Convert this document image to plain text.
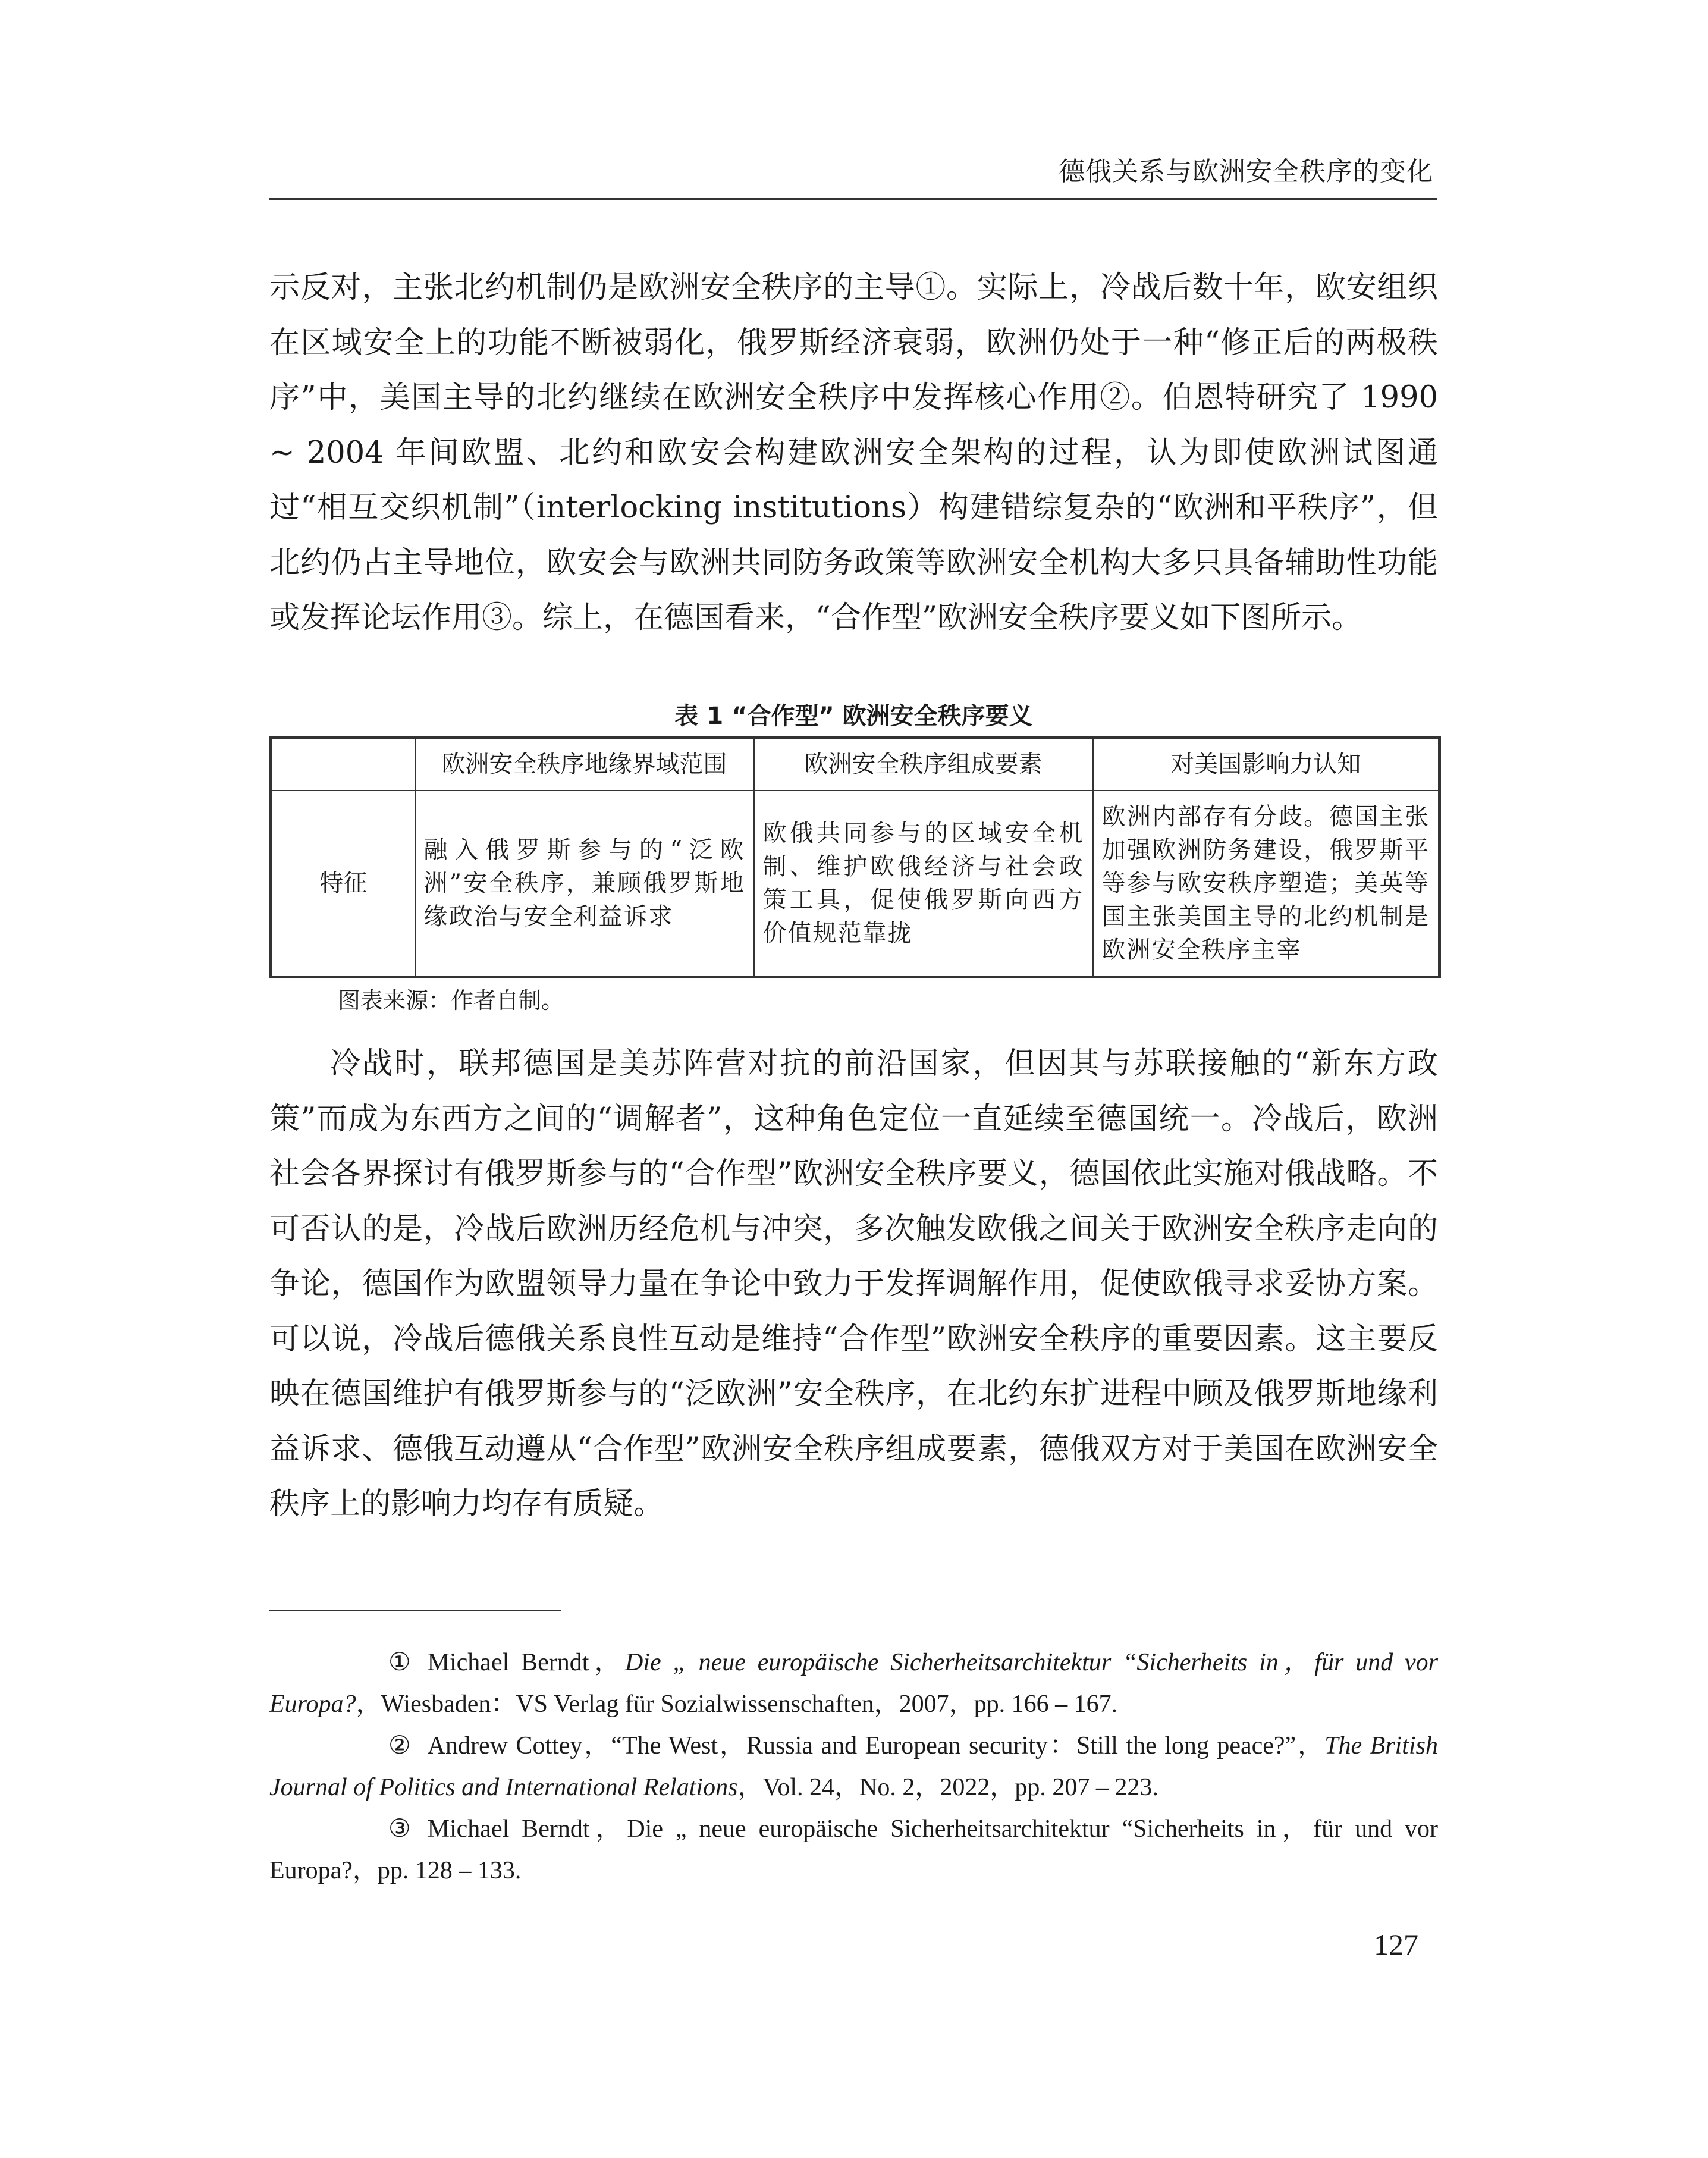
德俄关系与欧洲安全秩序的变化

示反对，主张北约机制仍是欧洲安全秩序的主导①。实际上，冷战后数十年，欧安组织在区域安全上的功能不断被弱化，俄罗斯经济衰弱，欧洲仍处于一种“修正后的两极秩序”中，美国主导的北约继续在欧洲安全秩序中发挥核心作用②。伯恩特研究了 1990 ~ 2004 年间欧盟、北约和欧安会构建欧洲安全架构的过程，认为即使欧洲试图通过“相互交织机制”（interlocking institutions）构建错综复杂的“欧洲和平秩序”，但北约仍占主导地位，欧安会与欧洲共同防务政策等欧洲安全机构大多只具备辅助性功能或发挥论坛作用③。综上，在德国看来，“合作型”欧洲安全秩序要义如下图所示。

表 1 “合作型” 欧洲安全秩序要义
	欧洲安全秩序地缘界域范围	欧洲安全秩序组成要素	对美国影响力认知
特征	融入俄罗斯参与的“泛欧洲”安全秩序，兼顾俄罗斯地缘政治与安全利益诉求	欧俄共同参与的区域安全机制、维护欧俄经济与社会政策工具，促使俄罗斯向西方价值规范靠拢	欧洲内部存有分歧。德国主张加强欧洲防务建设，俄罗斯平等参与欧安秩序塑造；美英等国主张美国主导的北约机制是欧洲安全秩序主宰
图表来源：作者自制。

冷战时，联邦德国是美苏阵营对抗的前沿国家，但因其与苏联接触的“新东方政策”而成为东西方之间的“调解者”，这种角色定位一直延续至德国统一。冷战后，欧洲社会各界探讨有俄罗斯参与的“合作型”欧洲安全秩序要义，德国依此实施对俄战略。不可否认的是，冷战后欧洲历经危机与冲突，多次触发欧俄之间关于欧洲安全秩序走向的争论，德国作为欧盟领导力量在争论中致力于发挥调解作用，促使欧俄寻求妥协方案。可以说，冷战后德俄关系良性互动是维持“合作型”欧洲安全秩序的重要因素。这主要反映在德国维护有俄罗斯参与的“泛欧洲”安全秩序，在北约东扩进程中顾及俄罗斯地缘利益诉求、德俄互动遵从“合作型”欧洲安全秩序组成要素，德俄双方对于美国在欧洲安全秩序上的影响力均存有质疑。

① Michael Berndt，Die „ neue europäische Sicherheitsarchitektur “Sicherheits in，für und vor Europa?，Wiesbaden：VS Verlag für Sozialwissenschaften，2007，pp. 166 – 167.
② Andrew Cottey，“The West，Russia and European security：Still the long peace?”，The British Journal of Politics and International Relations，Vol. 24，No. 2，2022，pp. 207 – 223.
③ Michael Berndt，Die „ neue europäische Sicherheitsarchitektur “Sicherheits in，für und vor Europa?，pp. 128 – 133.
127
